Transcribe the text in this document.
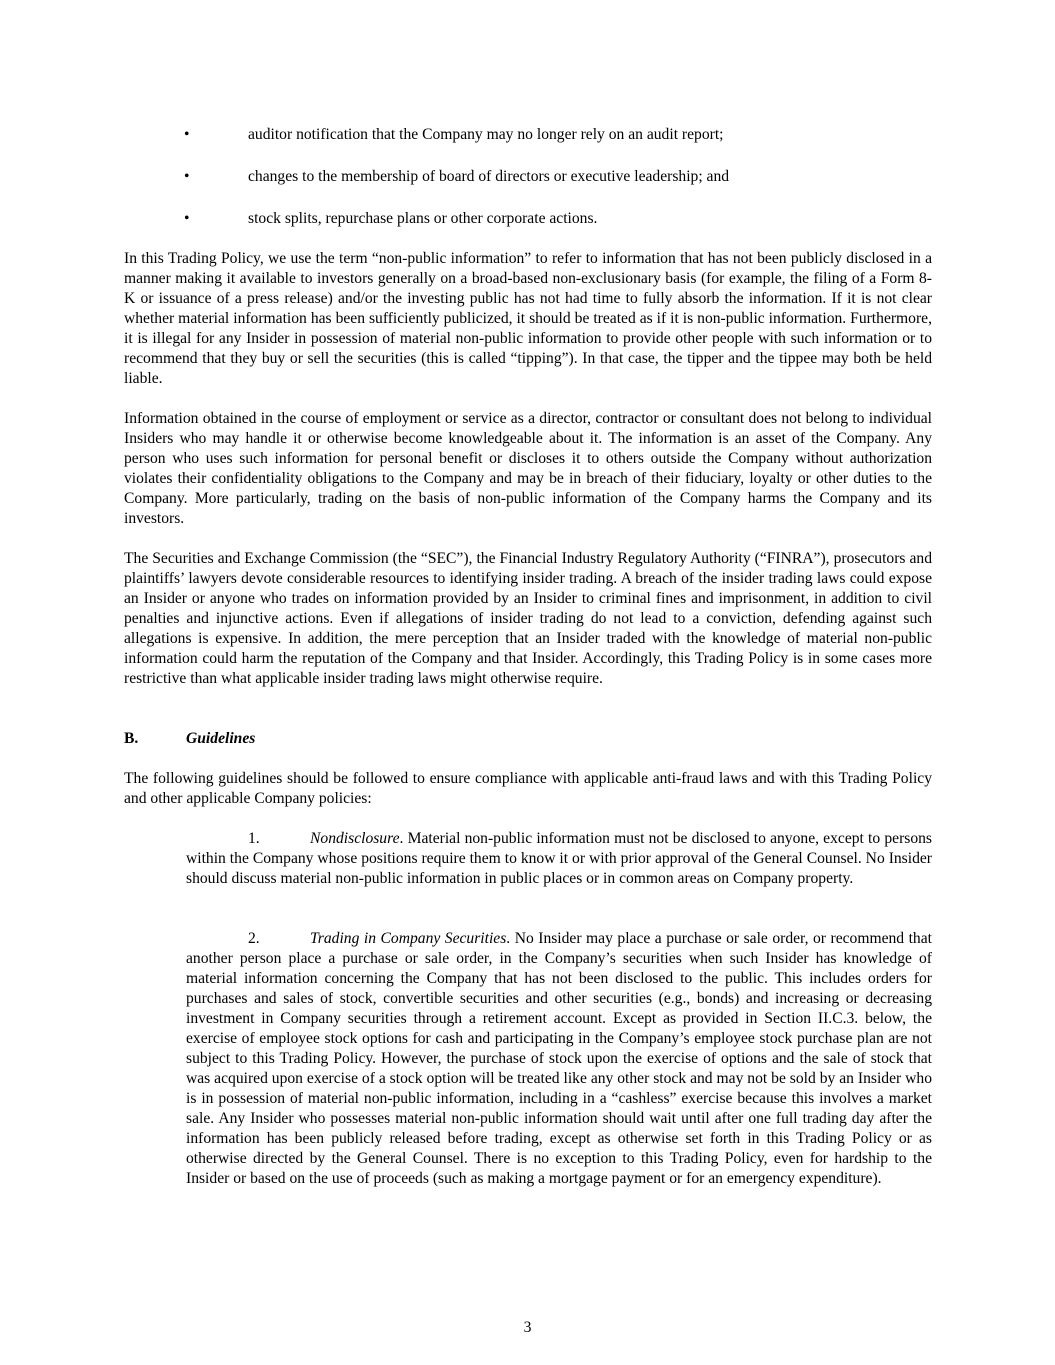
•	auditor notification that the Company may no longer rely on an audit report;
•	changes to the membership of board of directors or executive leadership; and
•	stock splits, repurchase plans or other corporate actions.

In this Trading Policy, we use the term “non-public information” to refer to information that has not been publicly disclosed in a manner making it available to investors generally on a broad-based non-exclusionary basis (for example, the filing of a Form 8-K or issuance of a press release) and/or the investing public has not had time to fully absorb the information. If it is not clear whether material information has been sufficiently publicized, it should be treated as if it is non-public information. Furthermore, it is illegal for any Insider in possession of material non-public information to provide other people with such information or to recommend that they buy or sell the securities (this is called “tipping”). In that case, the tipper and the tippee may both be held liable.

Information obtained in the course of employment or service as a director, contractor or consultant does not belong to individual Insiders who may handle it or otherwise become knowledgeable about it. The information is an asset of the Company. Any person who uses such information for personal benefit or discloses it to others outside the Company without authorization violates their confidentiality obligations to the Company and may be in breach of their fiduciary, loyalty or other duties to the Company. More particularly, trading on the basis of non-public information of the Company harms the Company and its investors.

The Securities and Exchange Commission (the “SEC”), the Financial Industry Regulatory Authority (“FINRA”), prosecutors and plaintiffs’ lawyers devote considerable resources to identifying insider trading. A breach of the insider trading laws could expose an Insider or anyone who trades on information provided by an Insider to criminal fines and imprisonment, in addition to civil penalties and injunctive actions. Even if allegations of insider trading do not lead to a conviction, defending against such allegations is expensive. In addition, the mere perception that an Insider traded with the knowledge of material non-public information could harm the reputation of the Company and that Insider. Accordingly, this Trading Policy is in some cases more restrictive than what applicable insider trading laws might otherwise require.

B.	Guidelines

The following guidelines should be followed to ensure compliance with applicable anti-fraud laws and with this Trading Policy and other applicable Company policies:

1.	Nondisclosure. Material non-public information must not be disclosed to anyone, except to persons within the Company whose positions require them to know it or with prior approval of the General Counsel. No Insider should discuss material non-public information in public places or in common areas on Company property.

2.	Trading in Company Securities. No Insider may place a purchase or sale order, or recommend that another person place a purchase or sale order, in the Company’s securities when such Insider has knowledge of material information concerning the Company that has not been disclosed to the public. This includes orders for purchases and sales of stock, convertible securities and other securities (e.g., bonds) and increasing or decreasing investment in Company securities through a retirement account. Except as provided in Section II.C.3. below, the exercise of employee stock options for cash and participating in the Company’s employee stock purchase plan are not subject to this Trading Policy. However, the purchase of stock upon the exercise of options and the sale of stock that was acquired upon exercise of a stock option will be treated like any other stock and may not be sold by an Insider who is in possession of material non-public information, including in a “cashless” exercise because this involves a market sale. Any Insider who possesses material non-public information should wait until after one full trading day after the information has been publicly released before trading, except as otherwise set forth in this Trading Policy or as otherwise directed by the General Counsel. There is no exception to this Trading Policy, even for hardship to the Insider or based on the use of proceeds (such as making a mortgage payment or for an emergency expenditure).

3
